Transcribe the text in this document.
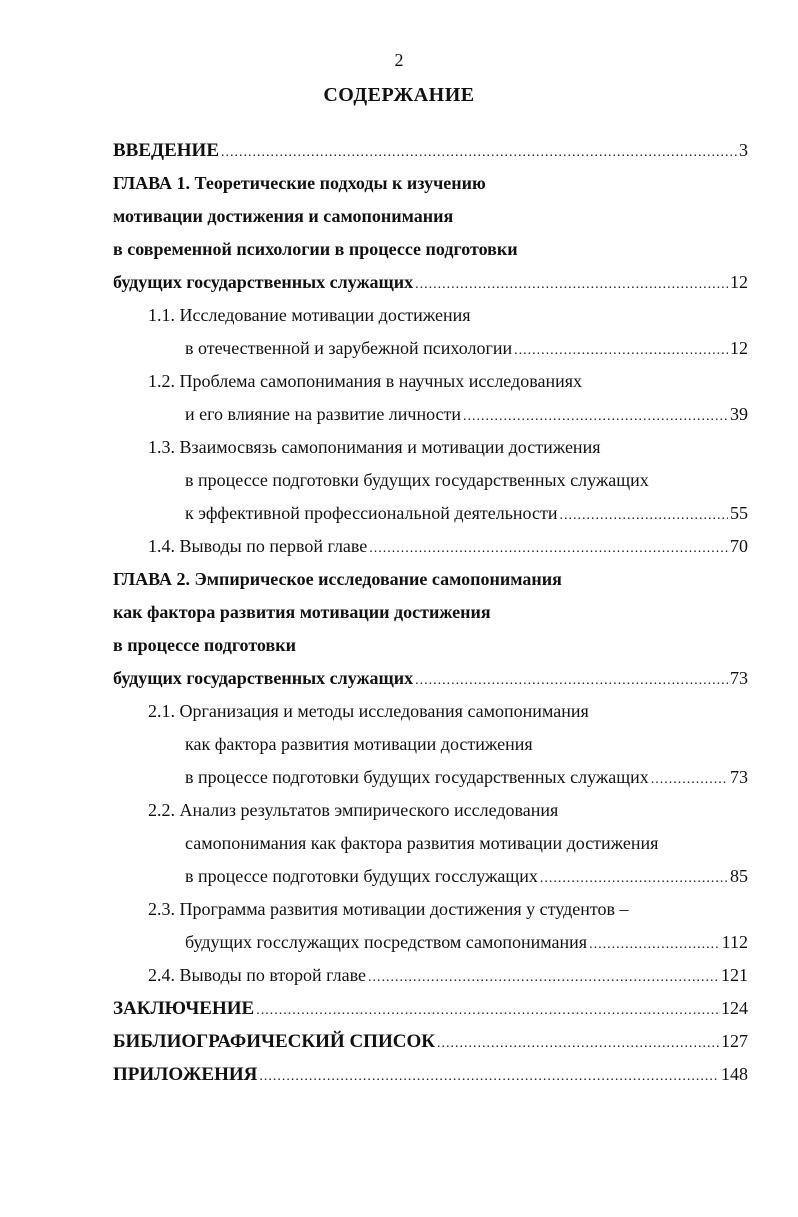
2
СОДЕРЖАНИЕ
ВВЕДЕНИЕ .....	3
ГЛАВА 1. Теоретические подходы к изучению
мотивации достижения и самопонимания
в современной психологии в процессе подготовки
будущих государственных служащих .....	12
1.1. Исследование мотивации достижения
в отечественной и зарубежной психологии .....	12
1.2. Проблема самопонимания в научных исследованиях
и его влияние на развитие личности .....	39
1.3. Взаимосвязь самопонимания и мотивации достижения
в процессе подготовки будущих государственных служащих
к эффективной профессиональной деятельности .....	55
1.4. Выводы по первой главе .....	70
ГЛАВА 2. Эмпирическое исследование самопонимания
как фактора развития мотивации достижения
в процессе подготовки
будущих государственных служащих .....	73
2.1. Организация и методы исследования самопонимания
как фактора развития мотивации достижения
в процессе подготовки будущих государственных служащих .....	73
2.2. Анализ результатов эмпирического исследования
самопонимания как фактора развития мотивации достижения
в процессе подготовки будущих госслужащих .....	85
2.3. Программа развития мотивации достижения у студентов –
будущих госслужащих посредством самопонимания .....	112
2.4. Выводы по второй главе .....	121
ЗАКЛЮЧЕНИЕ .....	124
БИБЛИОГРАФИЧЕСКИЙ СПИСОК .....	127
ПРИЛОЖЕНИЯ .....	148
